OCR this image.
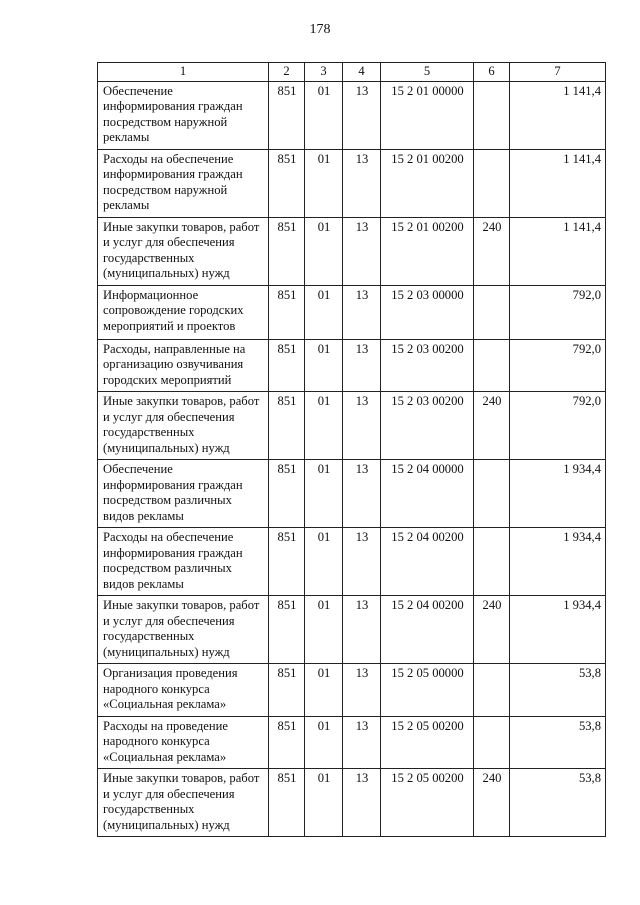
178
1	2	3	4	5	6	7
Обеспечение информирования граждан посредством наружной рекламы	851	01	13	15 2 01 00000		1 141,4
Расходы на обеспечение информирования граждан посредством наружной рекламы	851	01	13	15 2 01 00200		1 141,4
Иные закупки товаров, работ и услуг для обеспечения государственных (муниципальных) нужд	851	01	13	15 2 01 00200	240	1 141,4
Информационное сопровождение городских мероприятий и проектов	851	01	13	15 2 03 00000		792,0
Расходы, направленные на организацию озвучивания городских мероприятий	851	01	13	15 2 03 00200		792,0
Иные закупки товаров, работ и услуг для обеспечения государственных (муниципальных) нужд	851	01	13	15 2 03 00200	240	792,0
Обеспечение информирования граждан посредством различных видов рекламы	851	01	13	15 2 04 00000		1 934,4
Расходы на обеспечение информирования граждан посредством различных видов рекламы	851	01	13	15 2 04 00200		1 934,4
Иные закупки товаров, работ и услуг для обеспечения государственных (муниципальных) нужд	851	01	13	15 2 04 00200	240	1 934,4
Организация проведения народного конкурса «Социальная реклама»	851	01	13	15 2 05 00000		53,8
Расходы на проведение народного конкурса «Социальная реклама»	851	01	13	15 2 05 00200		53,8
Иные закупки товаров, работ и услуг для обеспечения государственных (муниципальных) нужд	851	01	13	15 2 05 00200	240	53,8
